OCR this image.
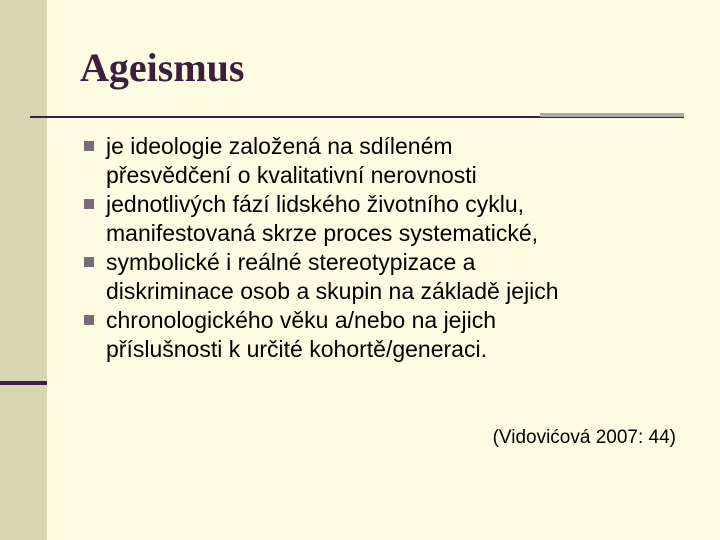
Ageismus
je ideologie založená na sdíleném
přesvědčení o kvalitativní nerovnosti
jednotlivých fází lidského životního cyklu,
manifestovaná skrze proces systematické,
symbolické i reálné stereotypizace a
diskriminace osob a skupin na základě jejich
chronologického věku a/nebo na jejich
příslušnosti k určité kohortě/generaci.
(Vidovićová 2007: 44)
